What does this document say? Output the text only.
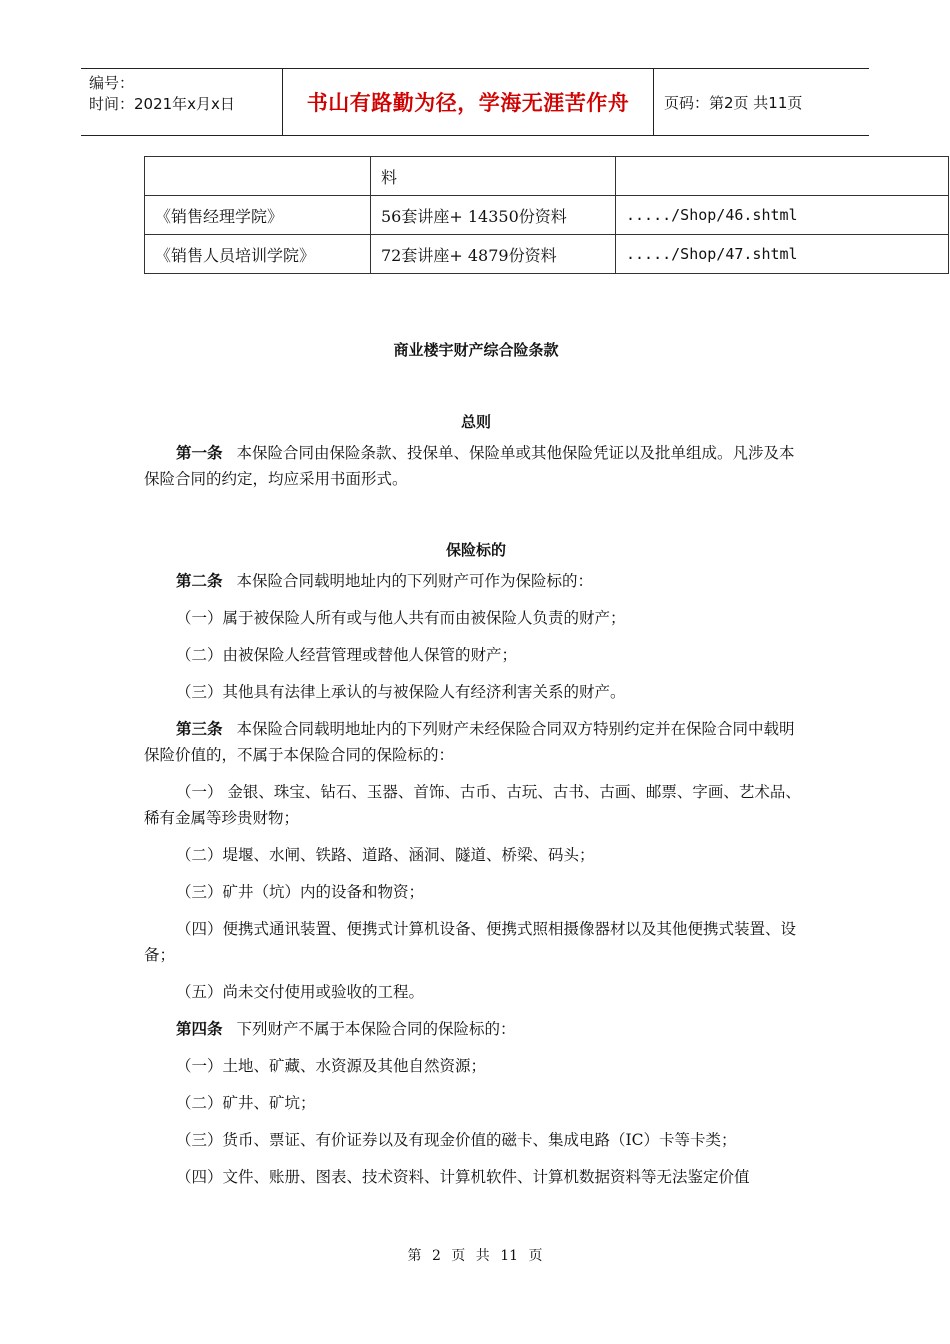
编号：
时间：2021年x月x日	书山有路勤为径，学海无涯苦作舟	页码：第2页 共11页
	料	
《销售经理学院》	56套讲座+ 14350份资料	...../Shop/46.shtml
《销售人员培训学院》	72套讲座+ 4879份资料	...../Shop/47.shtml
商业楼宇财产综合险条款
总则

第一条 本保险合同由保险条款、投保单、保险单或其他保险凭证以及批单组成。凡涉及本保险合同的约定，均应采用书面形式。

保险标的

第二条 本保险合同载明地址内的下列财产可作为保险标的：

（一）属于被保险人所有或与他人共有而由被保险人负责的财产；

（二）由被保险人经营管理或替他人保管的财产；

（三）其他具有法律上承认的与被保险人有经济利害关系的财产。

第三条 本保险合同载明地址内的下列财产未经保险合同双方特别约定并在保险合同中载明保险价值的，不属于本保险合同的保险标的：

（一） 金银、珠宝、钻石、玉器、首饰、古币、古玩、古书、古画、邮票、字画、艺术品、稀有金属等珍贵财物；

（二）堤堰、水闸、铁路、道路、涵洞、隧道、桥梁、码头；

（三）矿井（坑）内的设备和物资；

（四）便携式通讯装置、便携式计算机设备、便携式照相摄像器材以及其他便携式装置、设备；

（五）尚未交付使用或验收的工程。

第四条 下列财产不属于本保险合同的保险标的：

（一）土地、矿藏、水资源及其他自然资源；

（二）矿井、矿坑；

（三）货币、票证、有价证券以及有现金价值的磁卡、集成电路（IC）卡等卡类；

（四）文件、账册、图表、技术资料、计算机软件、计算机数据资料等无法鉴定价值

第 2 页 共 11 页
